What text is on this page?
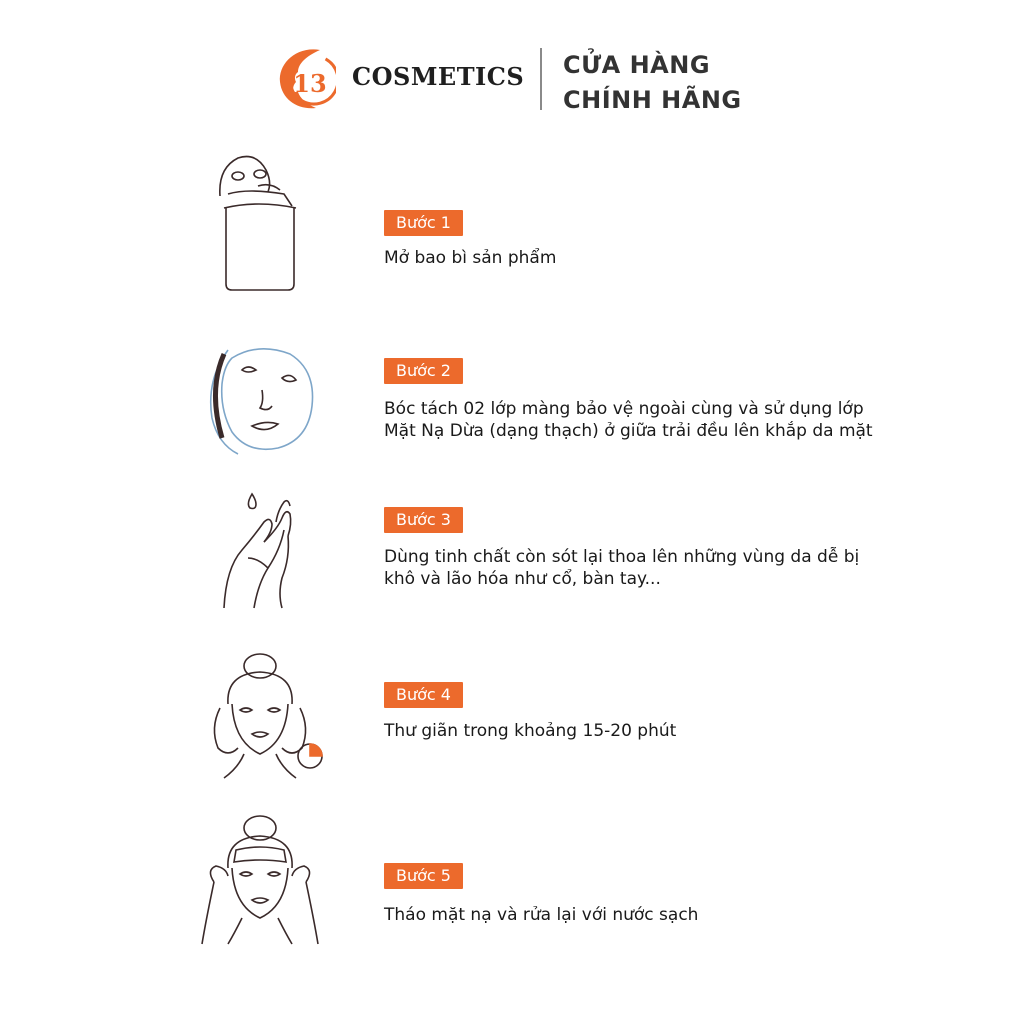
13 COSMETICS CỬA HÀNG
CHÍNH HÃNG
Bước 1
Mở bao bì sản phẩm
Bước 2
Bóc tách 02 lớp màng bảo vệ ngoài cùng và sử dụng lớp
Mặt Nạ Dừa (dạng thạch) ở giữa trải đều lên khắp da mặt
Bước 3
Dùng tinh chất còn sót lại thoa lên những vùng da dễ bị
khô và lão hóa như cổ, bàn tay...
Bước 4
Thư giãn trong khoảng 15-20 phút
Bước 5
Tháo mặt nạ và rửa lại với nước sạch
